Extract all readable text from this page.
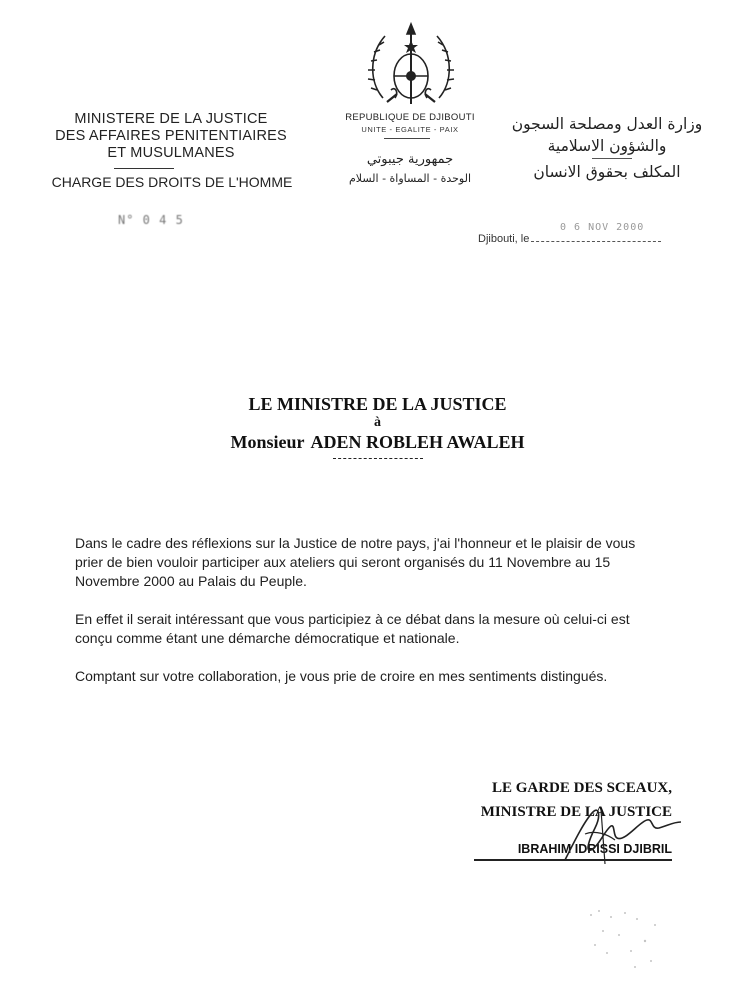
MINISTERE DE LA JUSTICE
DES AFFAIRES PENITENTIAIRES
ET MUSULMANES
CHARGE DES DROITS DE L'HOMME
N° 0 4 5
REPUBLIQUE DE DJIBOUTI
UNITE - EGALITE - PAIX
جمهورية جيبوتي
الوحدة - المساواة - السلام
وزارة العدل ومصلحة السجون
والشؤون الاسلامية
المكلف بحقوق الانسان
0 6 NOV 2000
Djibouti, le
LE MINISTRE DE LA JUSTICE
à
Monsieur ADEN ROBLEH AWALEH
Dans le cadre des réflexions sur la Justice de notre pays, j'ai l'honneur et le plaisir de vous prier de bien vouloir participer aux ateliers qui seront organisés du 11 Novembre au 15 Novembre 2000 au Palais du Peuple.
En effet il serait intéressant que vous participiez à ce débat dans la mesure où celui-ci est conçu comme étant une démarche démocratique et nationale.
Comptant sur votre collaboration, je vous prie de croire en mes sentiments distingués.
LE GARDE DES SCEAUX,
MINISTRE DE LA JUSTICE
IBRAHIM IDRISSI DJIBRIL
